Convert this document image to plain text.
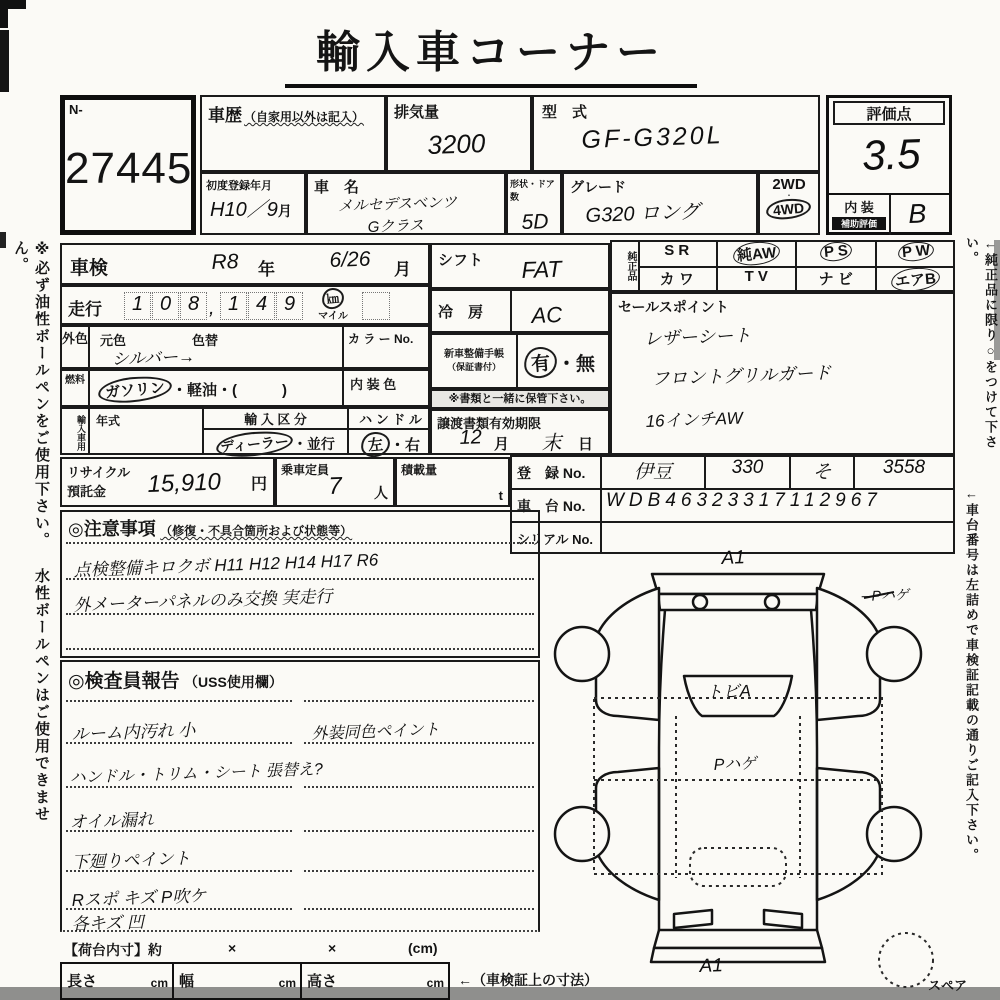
輸入車コーナー
N-
27445
車歴 （自家用以外は記入）	排気量
3200
型　式
GF-G320L
初度登録年月
H10／9月
車　名
メルセデスベンツ
Gクラス
形状・ドア数
5D
グレード
G320 ロング
2WD
・
4WD
評価点
3.5
内 装
補助評価	B
車検	R8 年	6/26 月
走行	1 0 8 , 1 4 9	㎞
マイル
外色 元色	色替
シルバー→
カ ラ ー No.
燃料	ガソリン ・軽油・(　　　)	内 装 色
輸入車用 年式	輸 入 区 分
ディーラー ・並行
ハ ン ド ル
左 ・右
シフト FAT
冷　房 AC
新車整備手帳
（保証書付）	有 ・無
※書類と一緒に保管下さい。
譲渡書類有効期限
12 月 末 日
純正品
S R	純AW	P S	P W
カ ワ	T V	ナ ビ	エアB
セールスポイント
レザーシート
フロントグリルガード
16インチAW
リサイクル
預託金	15,910 円
乗車定員
7 人
積載量
t
登　録 No.	伊豆	330	そ	3558
車　台 No.	WDB46323317112967
シリアル No.
◎注意事項 （修復・不具合箇所および状態等）
点検整備キロクボ H11 H12 H14 H17 R6
外メーターパネルのみ交換 実走行
◎検査員報告 （USS使用欄）
ルーム内汚れ 小	外装同色ペイント
ハンドル・トリム・シート 張替え?
オイル漏れ
下廻りペイント
Rスポ キズ P吹ケ
各キズ 凹
【荷台内寸】約	×	×	(cm)
長さ	cm 幅	cm 高さ	cm ←（車検証上の寸法）
A1
─Pハゲ
トビA
Pハゲ
A1
スペア
※必ず油性ボールペンをご使用下さい。 水性ボールペンはご使用できません。	←純正品に限り○をつけて下さい。
←車台番号は左詰めで車検証記載の通りご記入下さい。
